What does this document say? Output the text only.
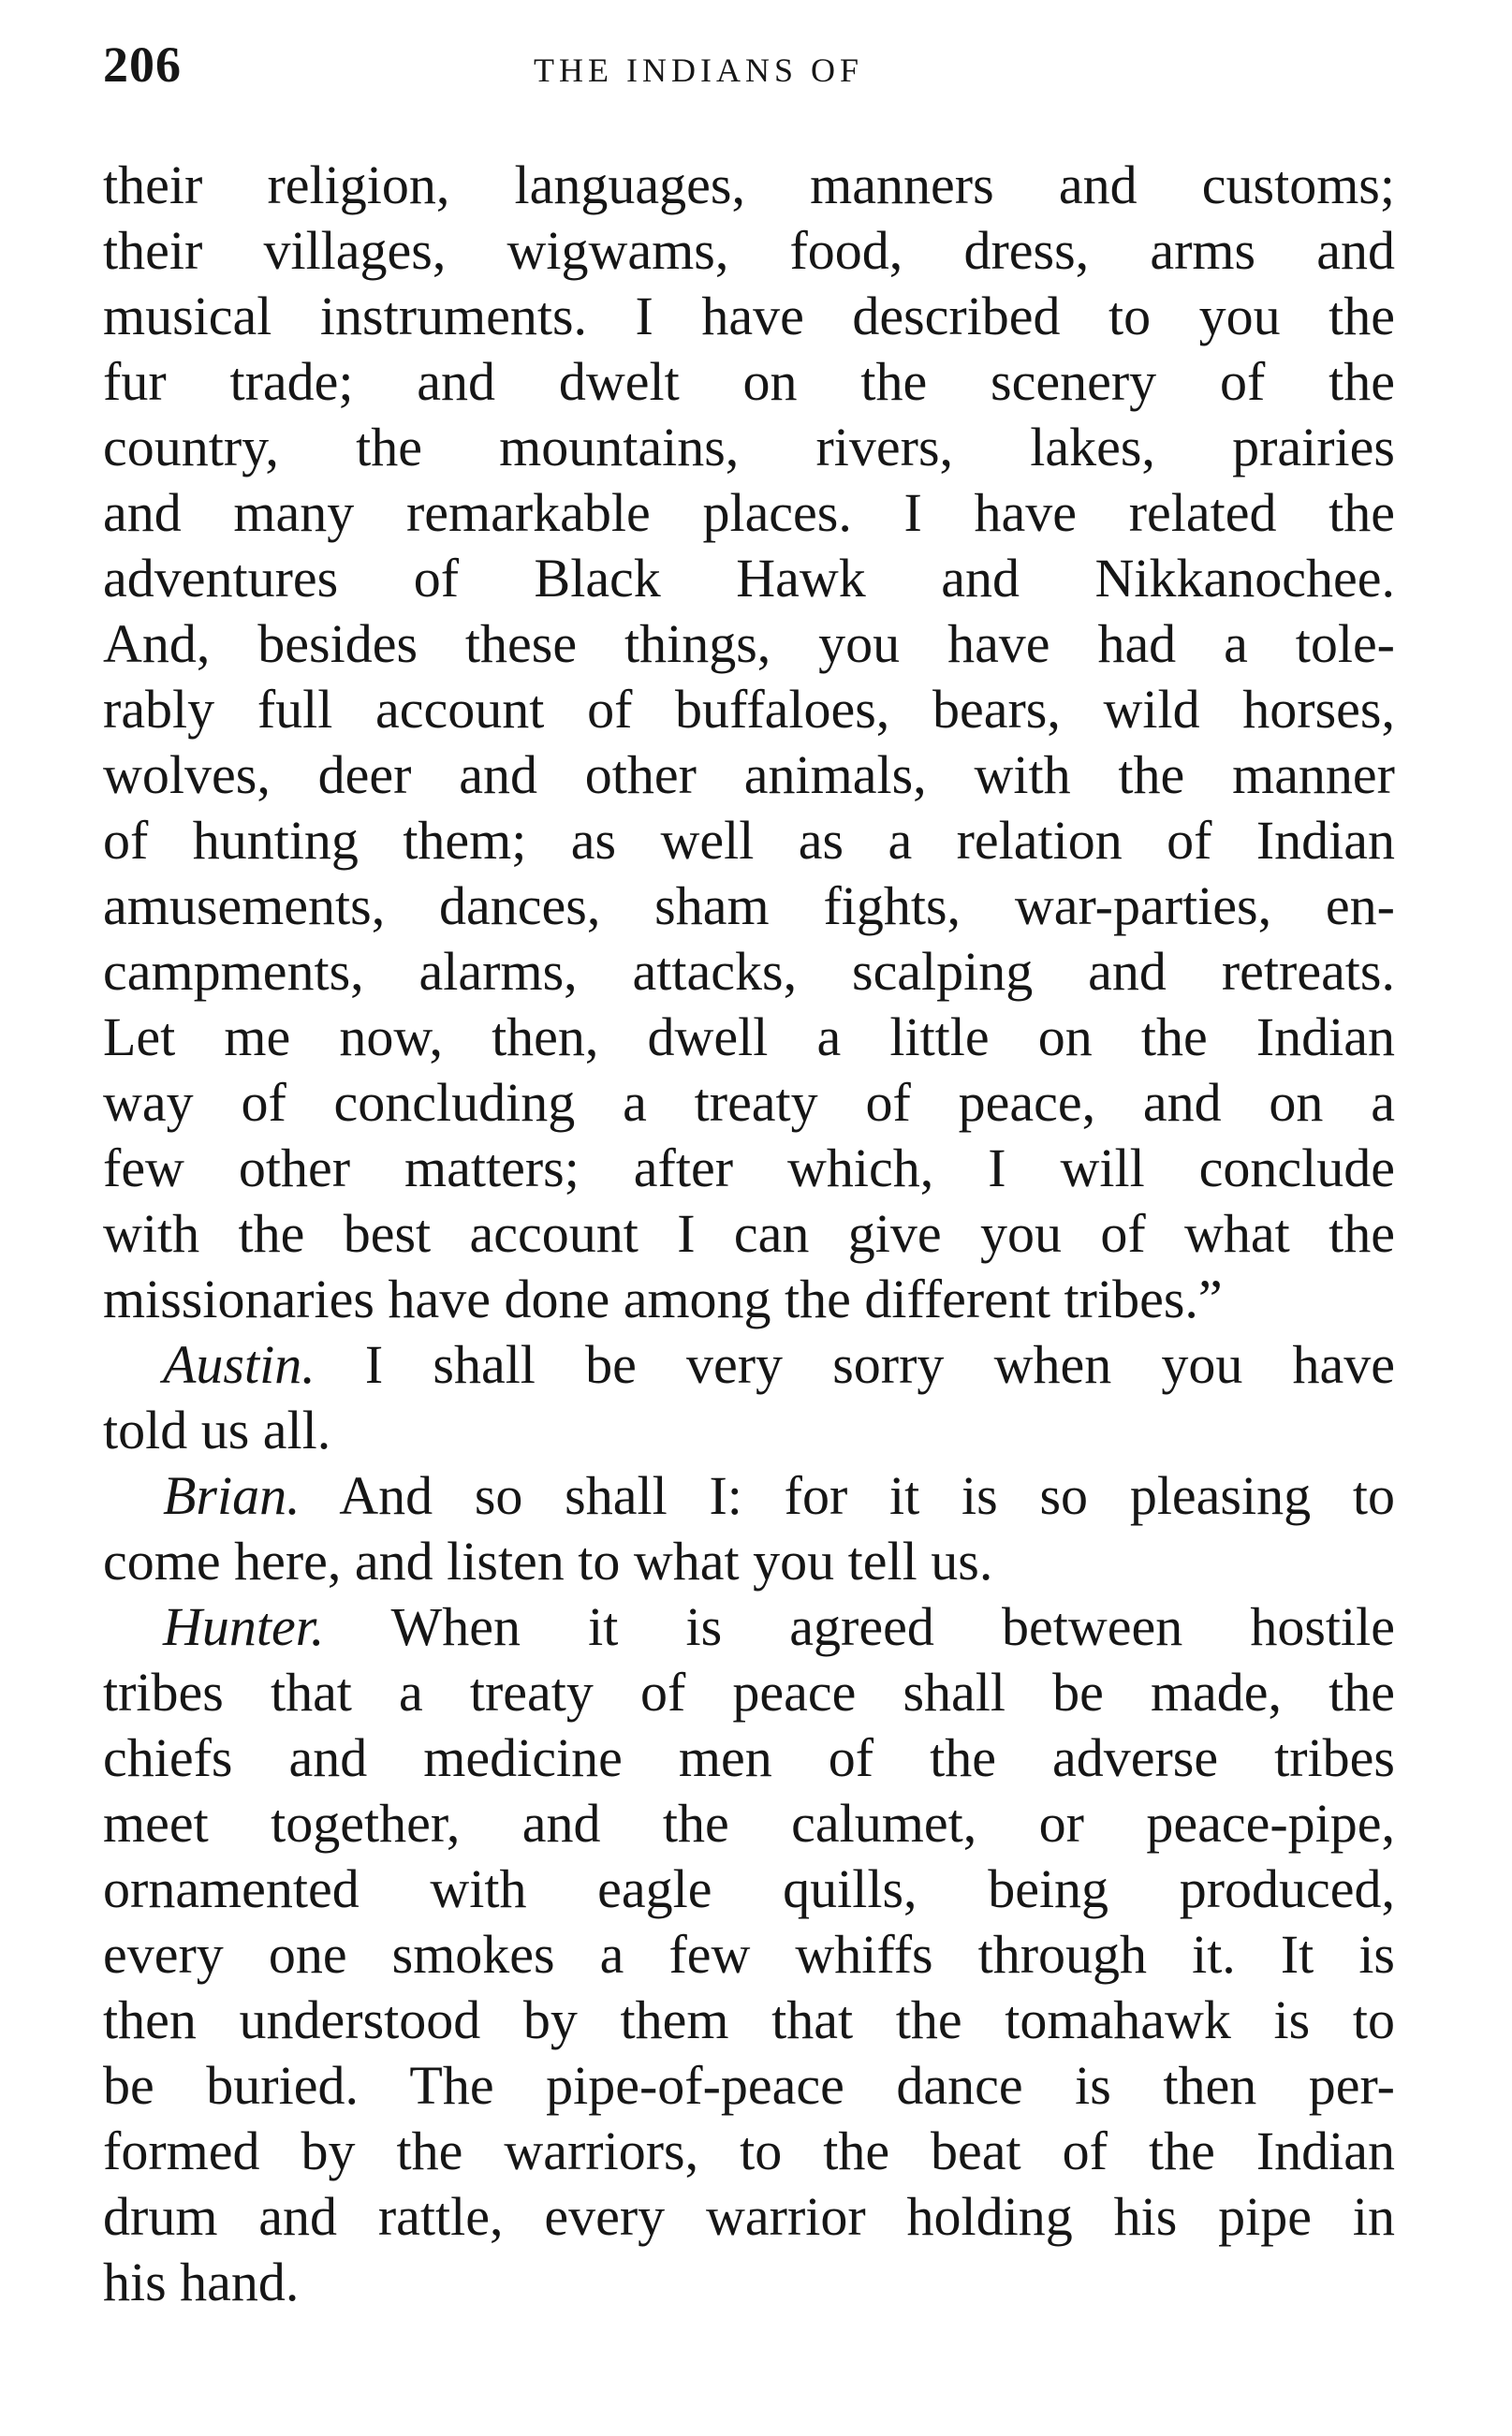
206	THE INDIANS OF
their religion, languages, manners and customs;
their villages, wigwams, food, dress, arms and
musical instruments. I have described to you the
fur trade; and dwelt on the scenery of the
country, the mountains, rivers, lakes, prairies
and many remarkable places. I have related the
adventures of Black Hawk and Nikkanochee.
And, besides these things, you have had a tole-
rably full account of buffaloes, bears, wild horses,
wolves, deer and other animals, with the manner
of hunting them; as well as a relation of Indian
amusements, dances, sham fights, war-parties, en-
campments, alarms, attacks, scalping and retreats.
Let me now, then, dwell a little on the Indian
way of concluding a treaty of peace, and on a
few other matters; after which, I will conclude
with the best account I can give you of what the
missionaries have done among the different tribes.”
Austin. I shall be very sorry when you have
told us all.
Brian. And so shall I: for it is so pleasing to
come here, and listen to what you tell us.
Hunter. When it is agreed between hostile
tribes that a treaty of peace shall be made, the
chiefs and medicine men of the adverse tribes
meet together, and the calumet, or peace-pipe,
ornamented with eagle quills, being produced,
every one smokes a few whiffs through it. It is
then understood by them that the tomahawk is to
be buried. The pipe-of-peace dance is then per-
formed by the warriors, to the beat of the Indian
drum and rattle, every warrior holding his pipe in
his hand.
